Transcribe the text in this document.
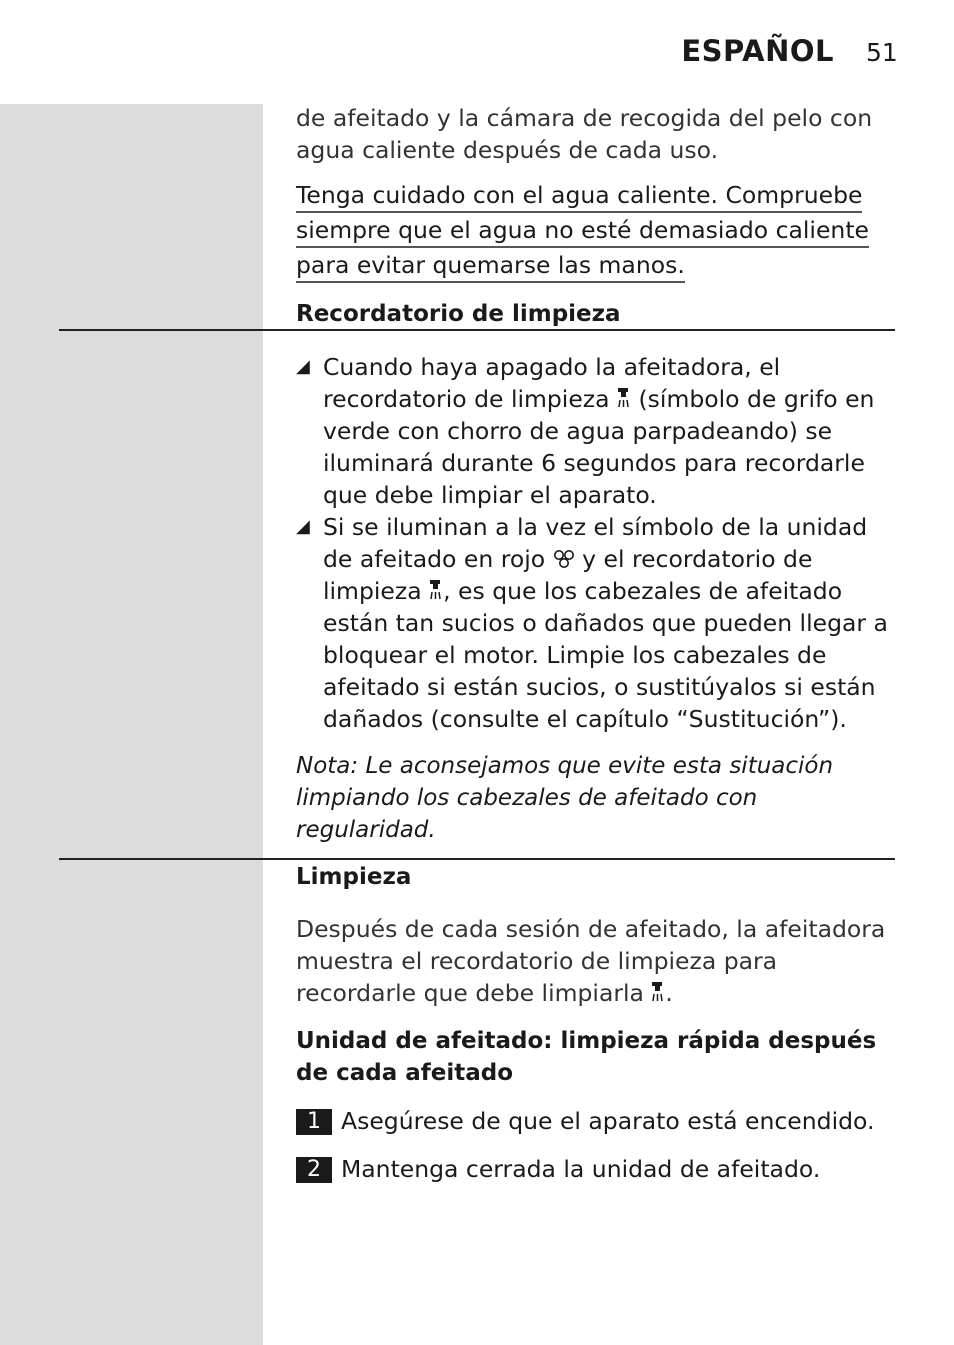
ESPAÑOL 51

de afeitado y la cámara de recogida del pelo con agua caliente después de cada uso.

Tenga cuidado con el agua caliente. Compruebe
siempre que el agua no esté demasiado caliente
para evitar quemarse las manos.

Recordatorio de limpieza

◢ Cuando haya apagado la afeitadora, el recordatorio de limpieza (símbolo de grifo en verde con chorro de agua parpadeando) se iluminará durante 6 segundos para recordarle que debe limpiar el aparato.
◢ Si se iluminan a la vez el símbolo de la unidad de afeitado en rojo y el recordatorio de limpieza , es que los cabezales de afeitado están tan sucios o dañados que pueden llegar a bloquear el motor. Limpie los cabezales de afeitado si están sucios, o sustitúyalos si están dañados (consulte el capítulo “Sustitución”).

Nota: Le aconsejamos que evite esta situación limpiando los cabezales de afeitado con regularidad.

Limpieza

Después de cada sesión de afeitado, la afeitadora muestra el recordatorio de limpieza para recordarle que debe limpiarla .

Unidad de afeitado: limpieza rápida después de cada afeitado

1 Asegúrese de que el aparato está encendido.
2 Mantenga cerrada la unidad de afeitado.
